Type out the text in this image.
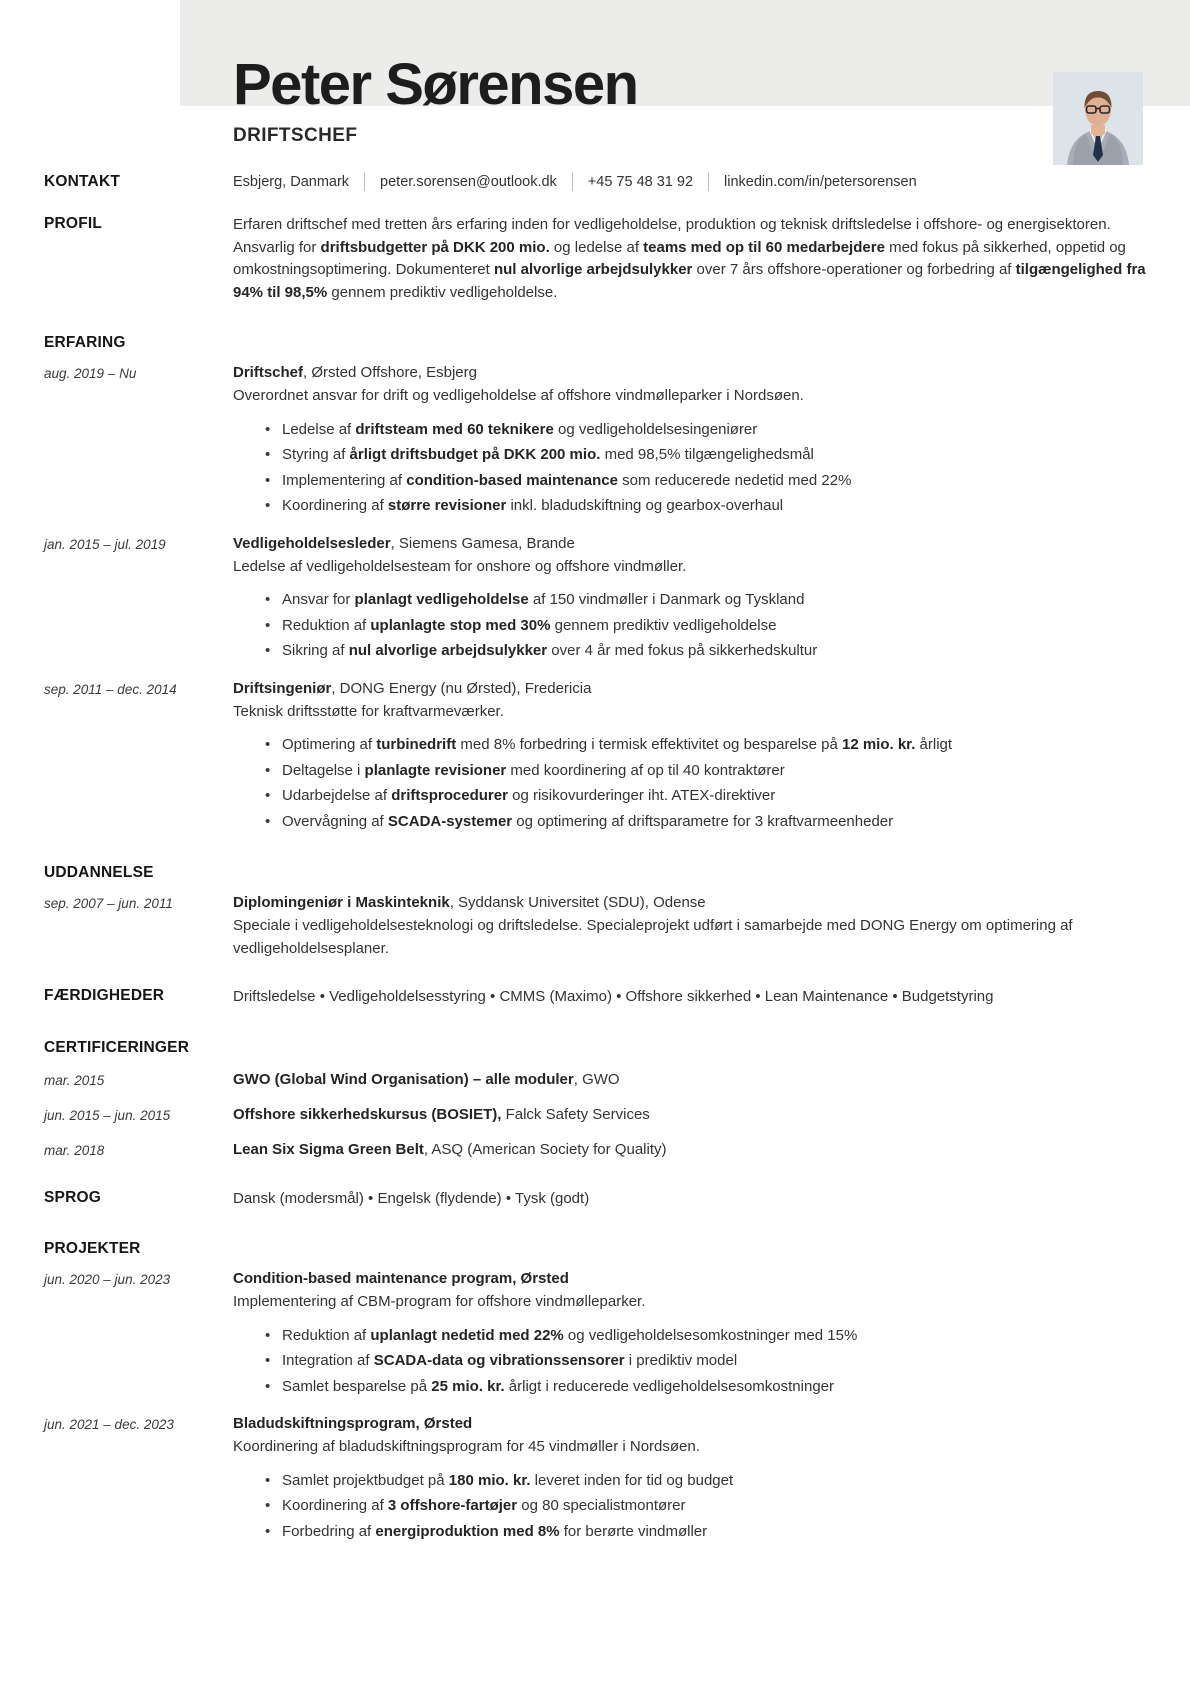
Peter Sørensen
DRIFTSCHEF
KONTAKT	Esbjerg, Danmark peter.sorensen@outlook.dk +45 75 48 31 92 linkedin.com/in/petersorensen
PROFIL	Erfaren driftschef med tretten års erfaring inden for vedligeholdelse, produktion og teknisk driftsledelse i offshore- og energisektoren. Ansvarlig for driftsbudgetter på DKK 200 mio. og ledelse af teams med op til 60 medarbejdere med fokus på sikkerhed, oppetid og omkostningsoptimering. Dokumenteret nul alvorlige arbejdsulykker over 7 års offshore-operationer og forbedring af tilgængelighed fra 94% til 98,5% gennem prediktiv vedligeholdelse.

ERFARING
aug. 2019 – Nu	Driftschef, Ørsted Offshore, Esbjerg

Overordnet ansvar for drift og vedligeholdelse af offshore vindmølleparker i Nordsøen.

• Ledelse af driftsteam med 60 teknikere og vedligeholdelsesingeniører
• Styring af årligt driftsbudget på DKK 200 mio. med 98,5% tilgængelighedsmål
• Implementering af condition-based maintenance som reducerede nedetid med 22%
• Koordinering af større revisioner inkl. bladudskiftning og gearbox-overhaul
jan. 2015 – jul. 2019	Vedligeholdelsesleder, Siemens Gamesa, Brande

Ledelse af vedligeholdelsesteam for onshore og offshore vindmøller.

• Ansvar for planlagt vedligeholdelse af 150 vindmøller i Danmark og Tyskland
• Reduktion af uplanlagte stop med 30% gennem prediktiv vedligeholdelse
• Sikring af nul alvorlige arbejdsulykker over 4 år med fokus på sikkerhedskultur
sep. 2011 – dec. 2014	Driftsingeniør, DONG Energy (nu Ørsted), Fredericia

Teknisk driftsstøtte for kraftvarmeværker.

• Optimering af turbinedrift med 8% forbedring i termisk effektivitet og besparelse på 12 mio. kr. årligt
• Deltagelse i planlagte revisioner med koordinering af op til 40 kontraktører
• Udarbejdelse af driftsprocedurer og risikovurderinger iht. ATEX-direktiver
• Overvågning af SCADA-systemer og optimering af driftsparametre for 3 kraftvarmeenheder
UDDANNELSE
sep. 2007 – jun. 2011	Diplomingeniør i Maskinteknik, Syddansk Universitet (SDU), Odense

Speciale i vedligeholdelsesteknologi og driftsledelse. Specialeprojekt udført i samarbejde med DONG Energy om optimering af vedligeholdelsesplaner.

FÆRDIGHEDER	Driftsledelse • Vedligeholdelsesstyring • CMMS (Maximo) • Offshore sikkerhed • Lean Maintenance • Budgetstyring

CERTIFICERINGER
mar. 2015	GWO (Global Wind Organisation) – alle moduler, GWO
jun. 2015 – jun. 2015	Offshore sikkerhedskursus (BOSIET), Falck Safety Services
mar. 2018	Lean Six Sigma Green Belt, ASQ (American Society for Quality)
SPROG	Dansk (modersmål) • Engelsk (flydende) • Tysk (godt)

PROJEKTER
jun. 2020 – jun. 2023	Condition-based maintenance program, Ørsted

Implementering af CBM-program for offshore vindmølleparker.

• Reduktion af uplanlagt nedetid med 22% og vedligeholdelsesomkostninger med 15%
• Integration af SCADA-data og vibrationssensorer i prediktiv model
• Samlet besparelse på 25 mio. kr. årligt i reducerede vedligeholdelsesomkostninger
jun. 2021 – dec. 2023	Bladudskiftningsprogram, Ørsted

Koordinering af bladudskiftningsprogram for 45 vindmøller i Nordsøen.

• Samlet projektbudget på 180 mio. kr. leveret inden for tid og budget
• Koordinering af 3 offshore-fartøjer og 80 specialistmontører
• Forbedring af energiproduktion med 8% for berørte vindmøller
